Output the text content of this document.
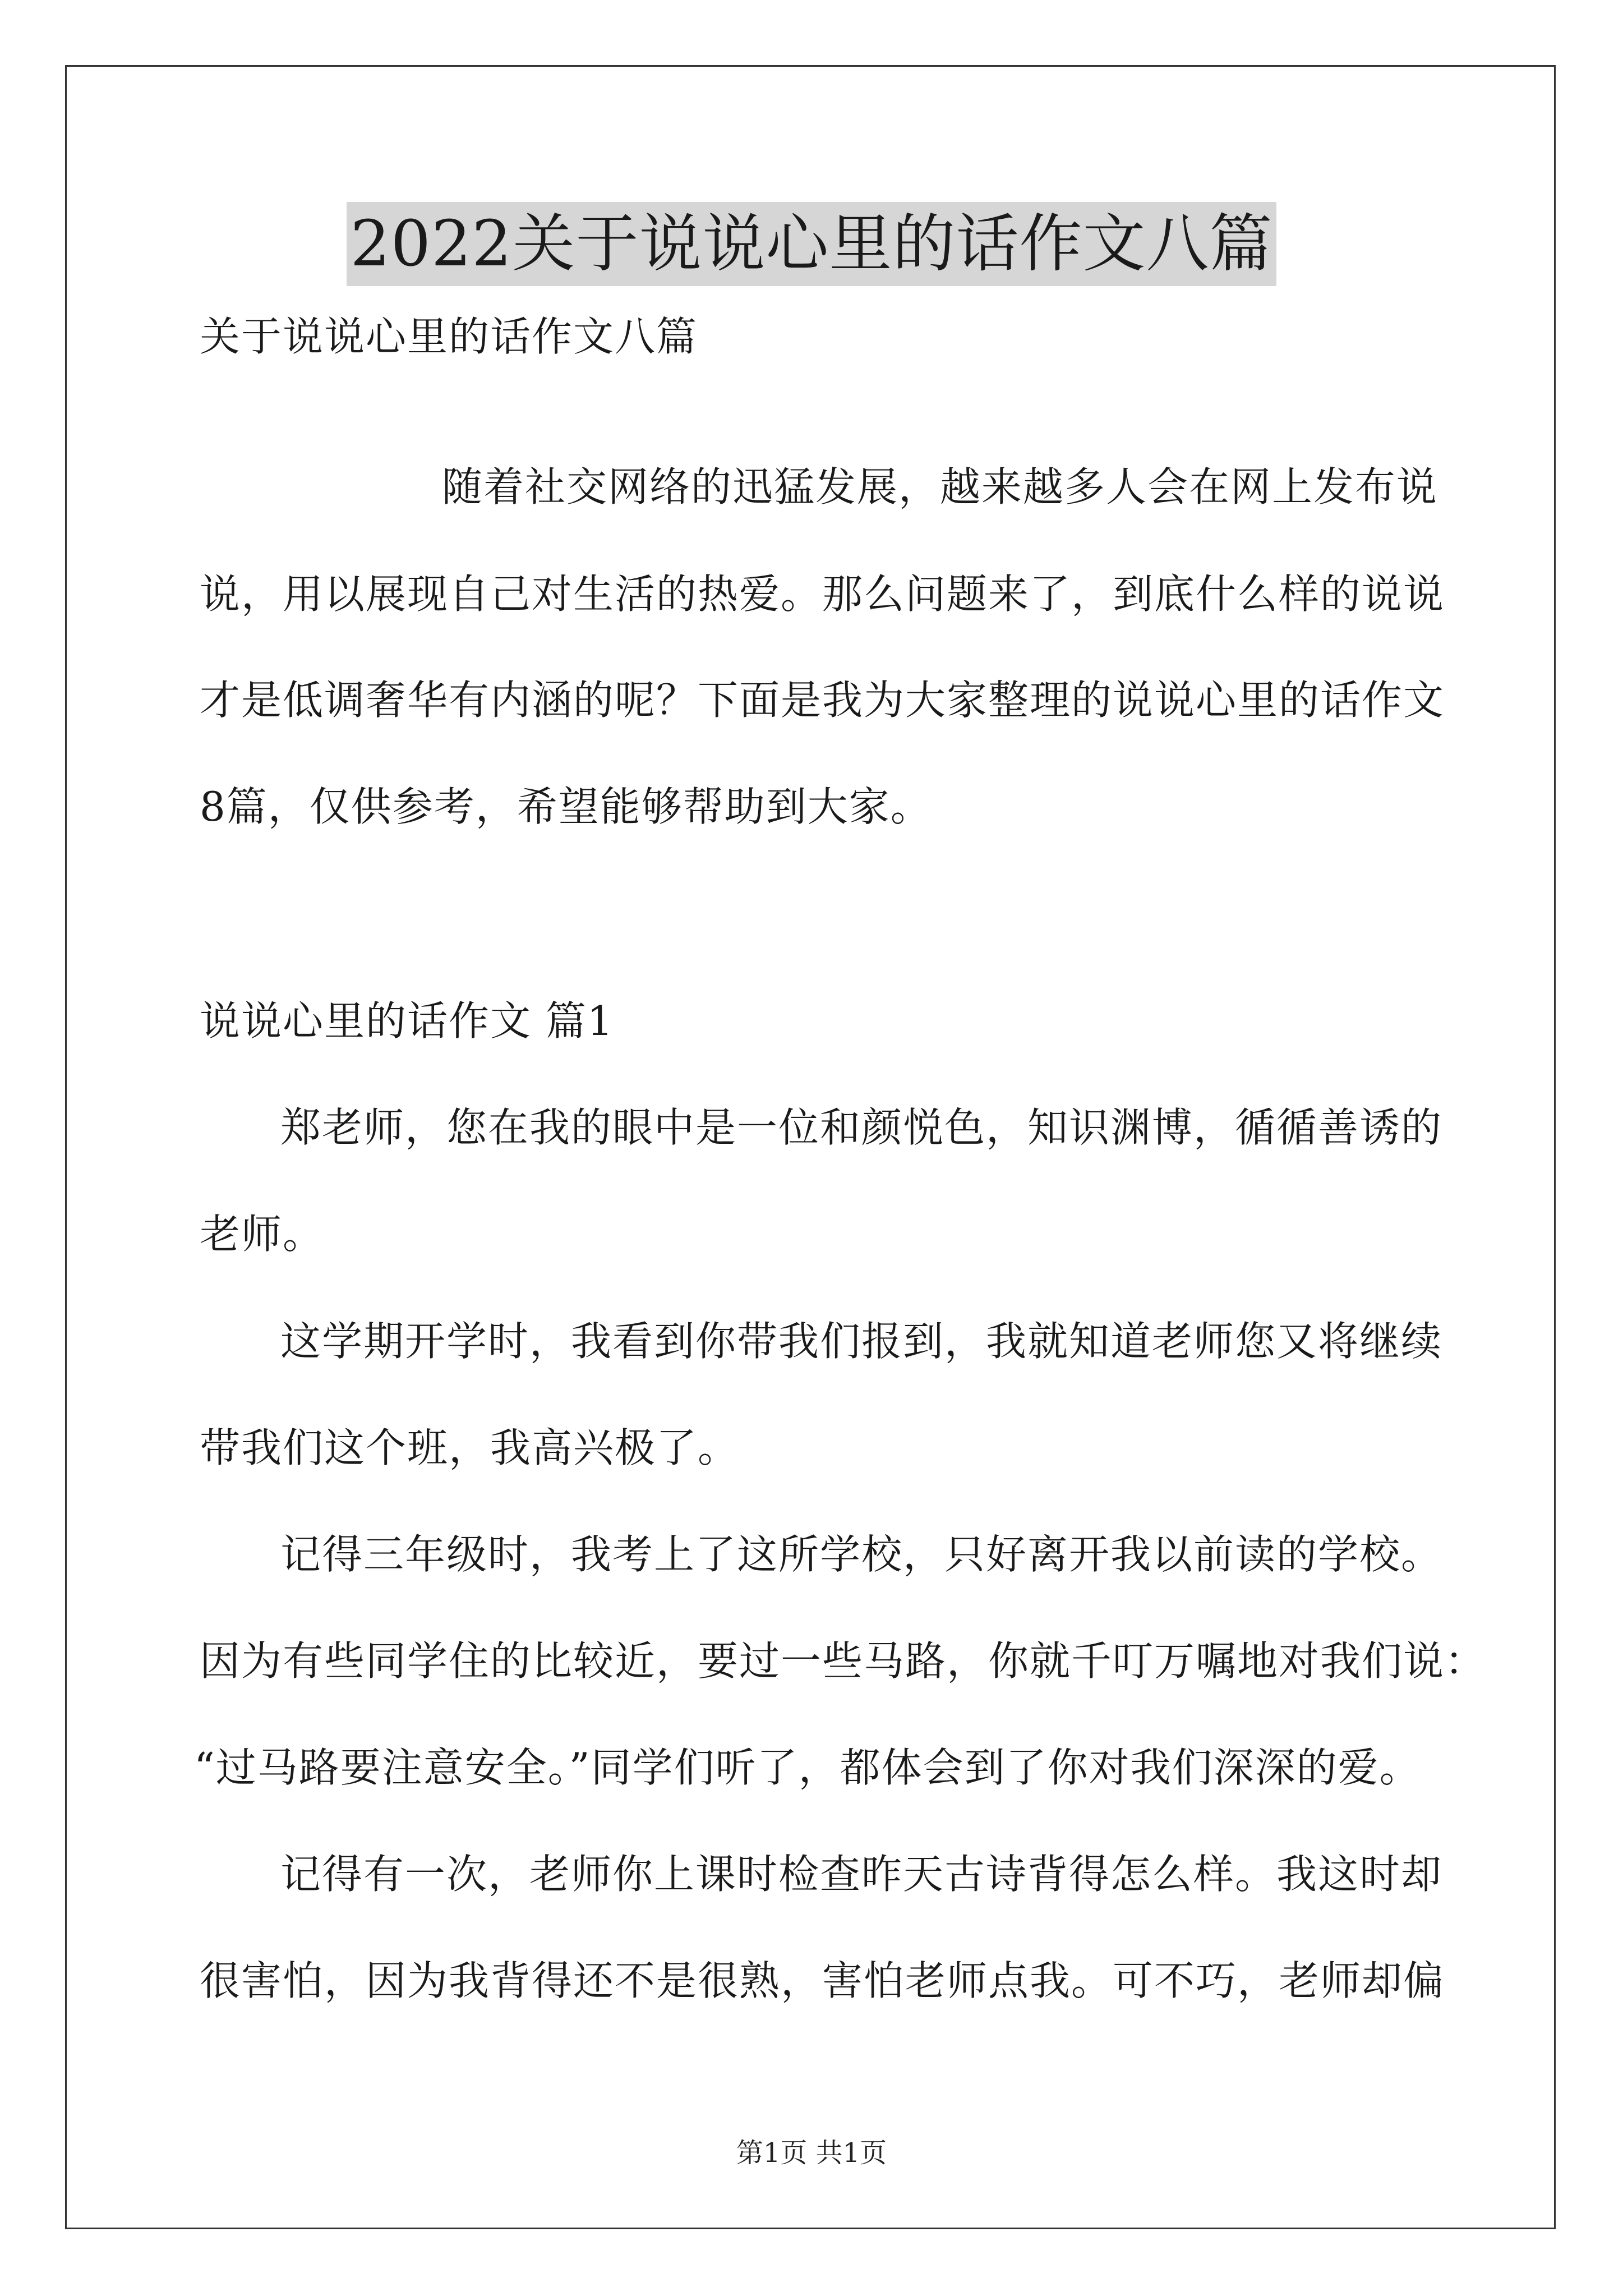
2022关于说说心里的话作文八篇
关于说说心里的话作文八篇
随着社交网络的迅猛发展，越来越多人会在网上发布说
说，用以展现自己对生活的热爱。那么问题来了，到底什么样的说说
才是低调奢华有内涵的呢？下面是我为大家整理的说说心里的话作文
8篇，仅供参考，希望能够帮助到大家。
说说心里的话作文 篇1
郑老师，您在我的眼中是一位和颜悦色，知识渊博，循循善诱的
老师。
这学期开学时，我看到你带我们报到，我就知道老师您又将继续
带我们这个班，我高兴极了。
记得三年级时，我考上了这所学校，只好离开我以前读的学校。
因为有些同学住的比较近，要过一些马路，你就千叮万嘱地对我们说：
“过马路要注意安全。”同学们听了，都体会到了你对我们深深的爱。
记得有一次，老师你上课时检查昨天古诗背得怎么样。我这时却
很害怕，因为我背得还不是很熟，害怕老师点我。可不巧，老师却偏
第1页 共1页
